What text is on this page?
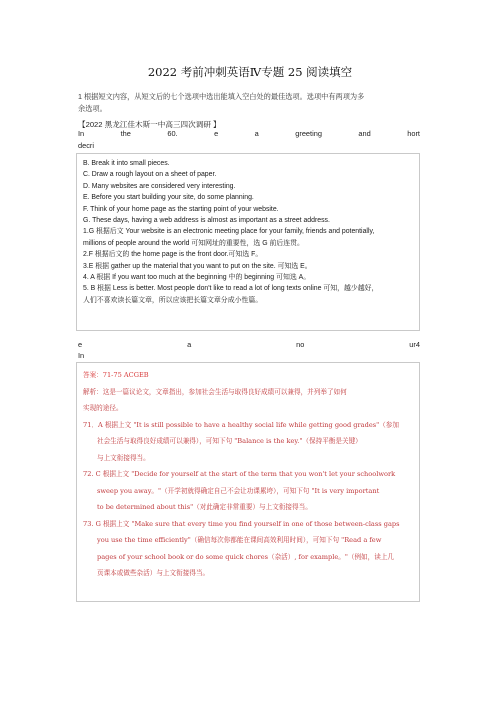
2022 考前冲刺英语Ⅳ专题 25 阅读填空
1 根据短文内容，从短文后的七个选项中选出能填入空白处的最佳选项。选项中有两项为多
余选项。
【2022 黑龙江佳木斯一中高三四次调研 】
In	the	60.	e	a	greeting	and	hort
decri
B. Break it into small pieces.
C. Draw a rough layout on a sheet of paper.
D. Many websites are considered very interesting.
E. Before you start building your site, do some planning.
F. Think of your home page as the starting point of your website.
G. These days, having a web address is almost as important as a street address.
1.G 根据后文 Your website is an electronic meeting place for your family, friends and potentially,
millions of people around the world 可知网址的重要性，选 G 前后连贯。
2.F 根据后文的 the home page is the front door.可知选 F。
3.E 根据 gather up the material that you want to put on the site. 可知选 E。
4. A 根据 If you want too much at the beginning 中的 beginning 可知选 A。
5. B 根据 Less is better. Most people don't like to read a lot of long texts online 可知，越少越好，
人们不喜欢读长篇文章，所以应该把长篇文章分成小性篇。
e	a	no	ur4
In
答案：71-75 ACGEB
解析：这是一篇议论文，文章指出，参加社会生活与取得良好成绩可以兼得，并列举了如何
实现的途径。
71．A 根据上文 "It is still possible to have a healthy social life while getting good grades"（参加
社会生活与取得良好成绩可以兼得），可知下句 "Balance is the key."（保持平衡是关键）
与上文衔接得当。
72. C 根据上文 "Decide for yourself at the start of the term that you won't let your schoolwork
sweep you away。"（开学初就得确定自己不会让功课累垮），可知下句 "It is very important
to be determined about this"（对此确定非常重要）与上文衔接得当。
73. G 根据上文 "Make sure that every time you find yourself in one of those between-class gaps
you use the time efficiently"（确信每次你都能在课间高效利用时间），可知下句 "Read a few
pages of your school book or do some quick chores（杂活）, for example。"（例如，读上几
页课本或做些杂活）与上文衔接得当。
